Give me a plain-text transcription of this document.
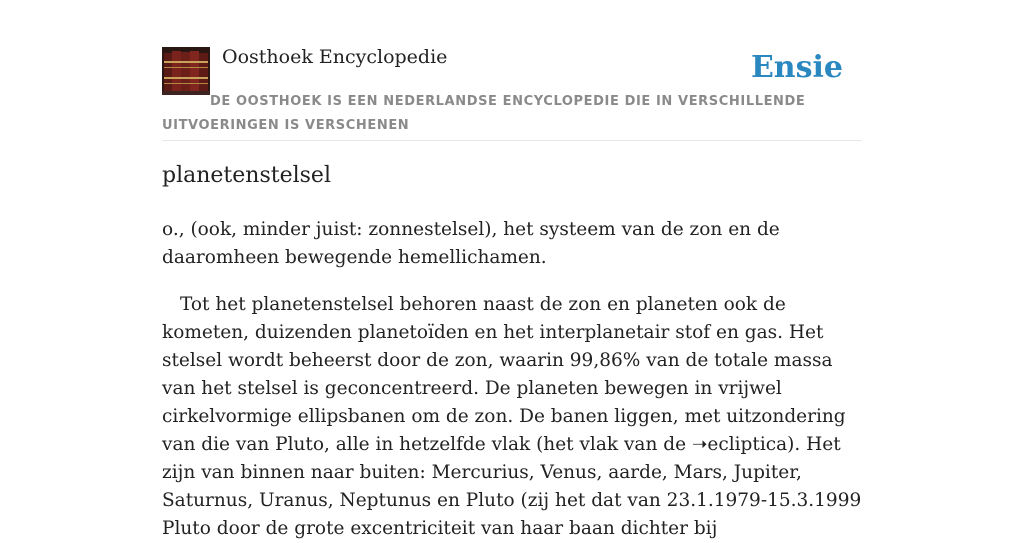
Oosthoek Encyclopedie	Ensie
DE OOSTHOEK IS EEN NEDERLANDSE ENCYCLOPEDIE DIE IN VERSCHILLENDE UITVOERINGEN IS VERSCHENEN
planetenstelsel

o., (ook, minder juist: zonnestelsel), het systeem van de zon en de daaromheen bewegende hemellichamen.

Tot het planetenstelsel behoren naast de zon en planeten ook de kometen, duizenden planetoïden en het interplanetair stof en gas. Het stelsel wordt beheerst door de zon, waarin 99,86% van de totale massa van het stelsel is geconcentreerd. De planeten bewegen in vrijwel cirkelvormige ellipsbanen om de zon. De banen liggen, met uitzondering van die van Pluto, alle in hetzelfde vlak (het vlak van de ➝ecliptica). Het zijn van binnen naar buiten: Mercurius, Venus, aarde, Mars, Jupiter, Saturnus, Uranus, Neptunus en Pluto (zij het dat van 23.1.1979-15.3.1999 Pluto door de grote excentriciteit van haar baan dichter bij
